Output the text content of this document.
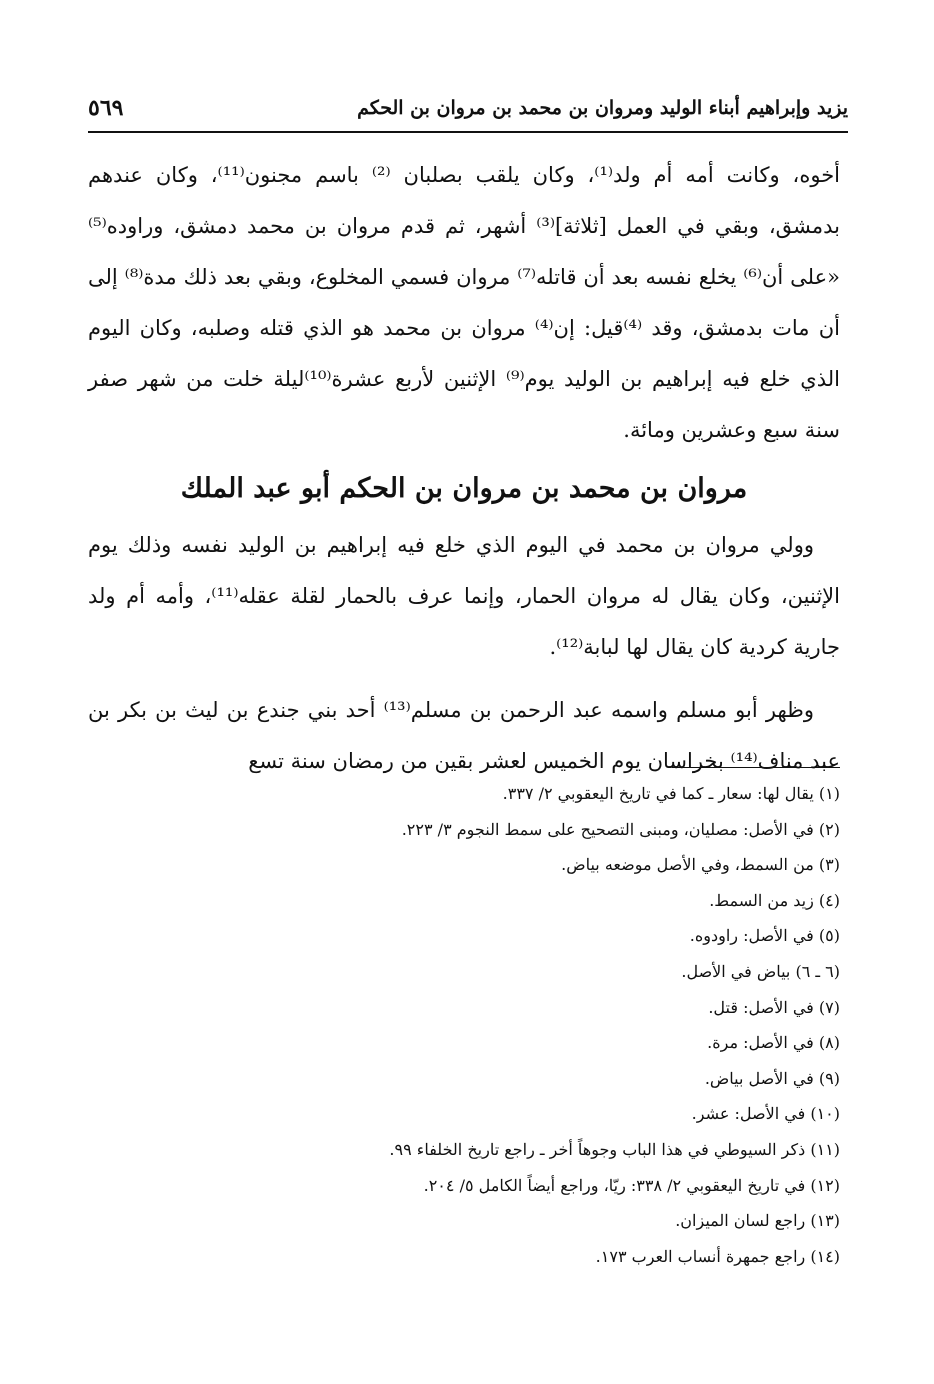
يزيد وإبراهيم أبناء الوليد ومروان بن محمد بن مروان بن الحكم
٥٦٩

أخوه، وكانت أمه أم ولد⁽¹⁾، وكان يلقب بصلبان ⁽²⁾ باسم مجنون⁽¹¹⁾، وكان عندهم بدمشق، وبقي في العمل [ثلاثة]⁽³⁾ أشهر، ثم قدم مروان بن محمد دمشق، وراوده⁽⁵⁾ «على أن⁽⁶⁾ يخلع نفسه بعد أن قاتله⁽⁷⁾ مروان فسمي المخلوع، وبقي بعد ذلك مدة⁽⁸⁾ إلى أن مات بدمشق، وقد ⁽⁴⁾قيل: إن⁽⁴⁾ مروان بن محمد هو الذي قتله وصلبه، وكان اليوم الذي خلع فيه إبراهيم بن الوليد يوم⁽⁹⁾ الإثنين لأربع عشرة⁽¹⁰⁾ليلة خلت من شهر صفر سنة سبع وعشرين ومائة.

مروان بن محمد بن مروان بن الحكم أبو عبد الملك

وولي مروان بن محمد في اليوم الذي خلع فيه إبراهيم بن الوليد نفسه وذلك يوم الإثنين، وكان يقال له مروان الحمار، وإنما عرف بالحمار لقلة عقله⁽¹¹⁾، وأمه أم ولد جارية كردية كان يقال لها لبابة⁽¹²⁾.

وظهر أبو مسلم واسمه عبد الرحمن بن مسلم⁽¹³⁾ أحد بني جندع بن ليث بن بكر بن عبد مناف⁽¹⁴⁾ بخراسان يوم الخميس لعشر بقين من رمضان سنة تسع

(١) يقال لها: سعار ـ كما في تاريخ اليعقوبي ٢/ ٣٣٧.
(٢) في الأصل: مصليان، ومبنى التصحيح على سمط النجوم ٣/ ٢٢٣.
(٣) من السمط، وفي الأصل موضعه بياض.
(٤) زيد من السمط.
(٥) في الأصل: راودوه.
(٦ ـ ٦) بياض في الأصل.
(٧) في الأصل: قتل.
(٨) في الأصل: مرة.
(٩) في الأصل بياض.
(١٠) في الأصل: عشر.
(١١) ذكر السيوطي في هذا الباب وجوهاً أخر ـ راجع تاريخ الخلفاء ٩٩.
(١٢) في تاريخ اليعقوبي ٢/ ٣٣٨: ريّا، وراجع أيضاً الكامل ٥/ ٢٠٤.
(١٣) راجع لسان الميزان.
(١٤) راجع جمهرة أنساب العرب ١٧٣.
